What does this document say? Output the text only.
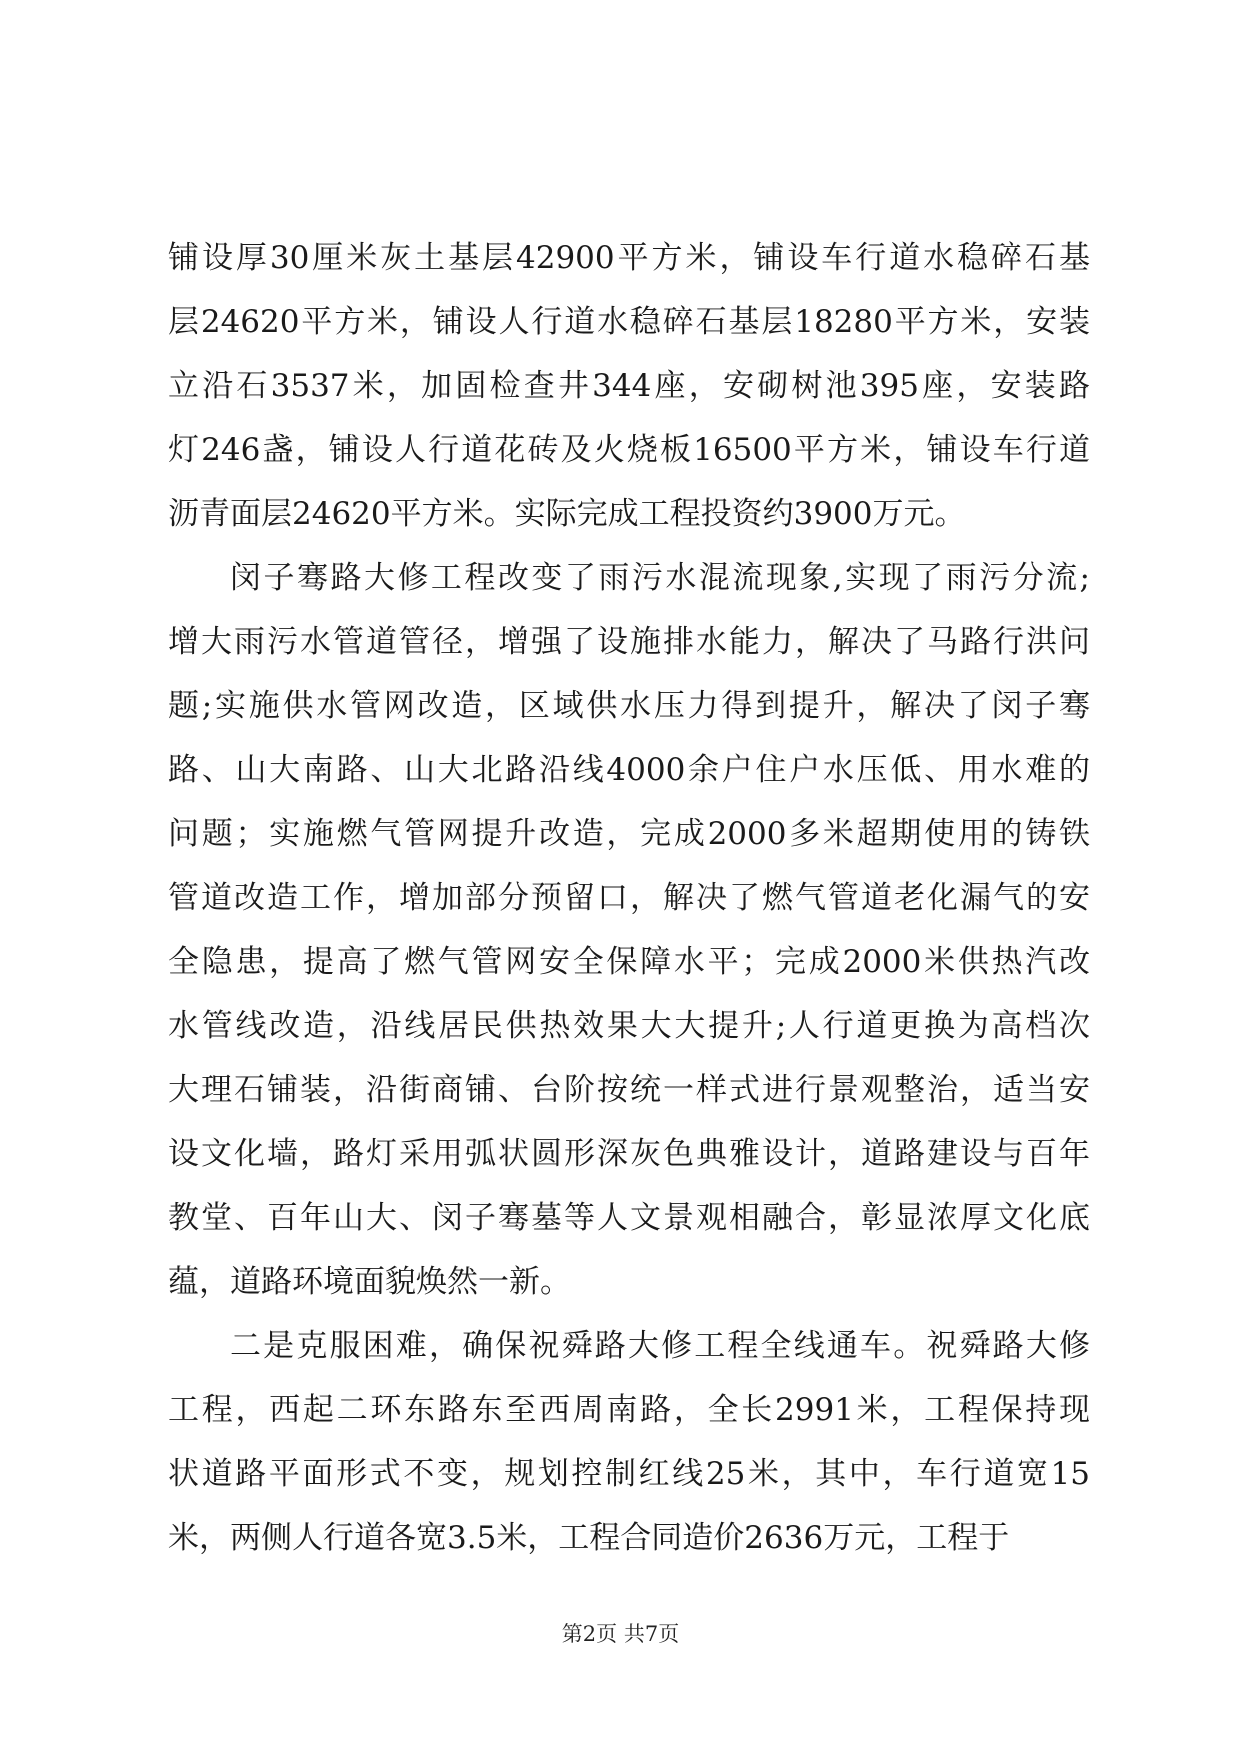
铺设厚30厘米灰土基层42900平方米，铺设车行道水稳碎石基
层24620平方米，铺设人行道水稳碎石基层18280平方米，安装
立沿石3537米，加固检查井344座，安砌树池395座，安装路
灯246盏，铺设人行道花砖及火烧板16500平方米，铺设车行道
沥青面层24620平方米。实际完成工程投资约3900万元。
闵子骞路大修工程改变了雨污水混流现象,实现了雨污分流;
增大雨污水管道管径，增强了设施排水能力，解决了马路行洪问
题;实施供水管网改造，区域供水压力得到提升，解决了闵子骞
路、山大南路、山大北路沿线4000余户住户水压低、用水难的
问题；实施燃气管网提升改造，完成2000多米超期使用的铸铁
管道改造工作，增加部分预留口，解决了燃气管道老化漏气的安
全隐患，提高了燃气管网安全保障水平；完成2000米供热汽改
水管线改造，沿线居民供热效果大大提升;人行道更换为高档次
大理石铺装，沿街商铺、台阶按统一样式进行景观整治，适当安
设文化墙，路灯采用弧状圆形深灰色典雅设计，道路建设与百年
教堂、百年山大、闵子骞墓等人文景观相融合，彰显浓厚文化底
蕴，道路环境面貌焕然一新。
二是克服困难，确保祝舜路大修工程全线通车。祝舜路大修
工程，西起二环东路东至西周南路，全长2991米，工程保持现
状道路平面形式不变，规划控制红线25米，其中，车行道宽15
米，两侧人行道各宽3.5米，工程合同造价2636万元，工程于
第2页 共7页
